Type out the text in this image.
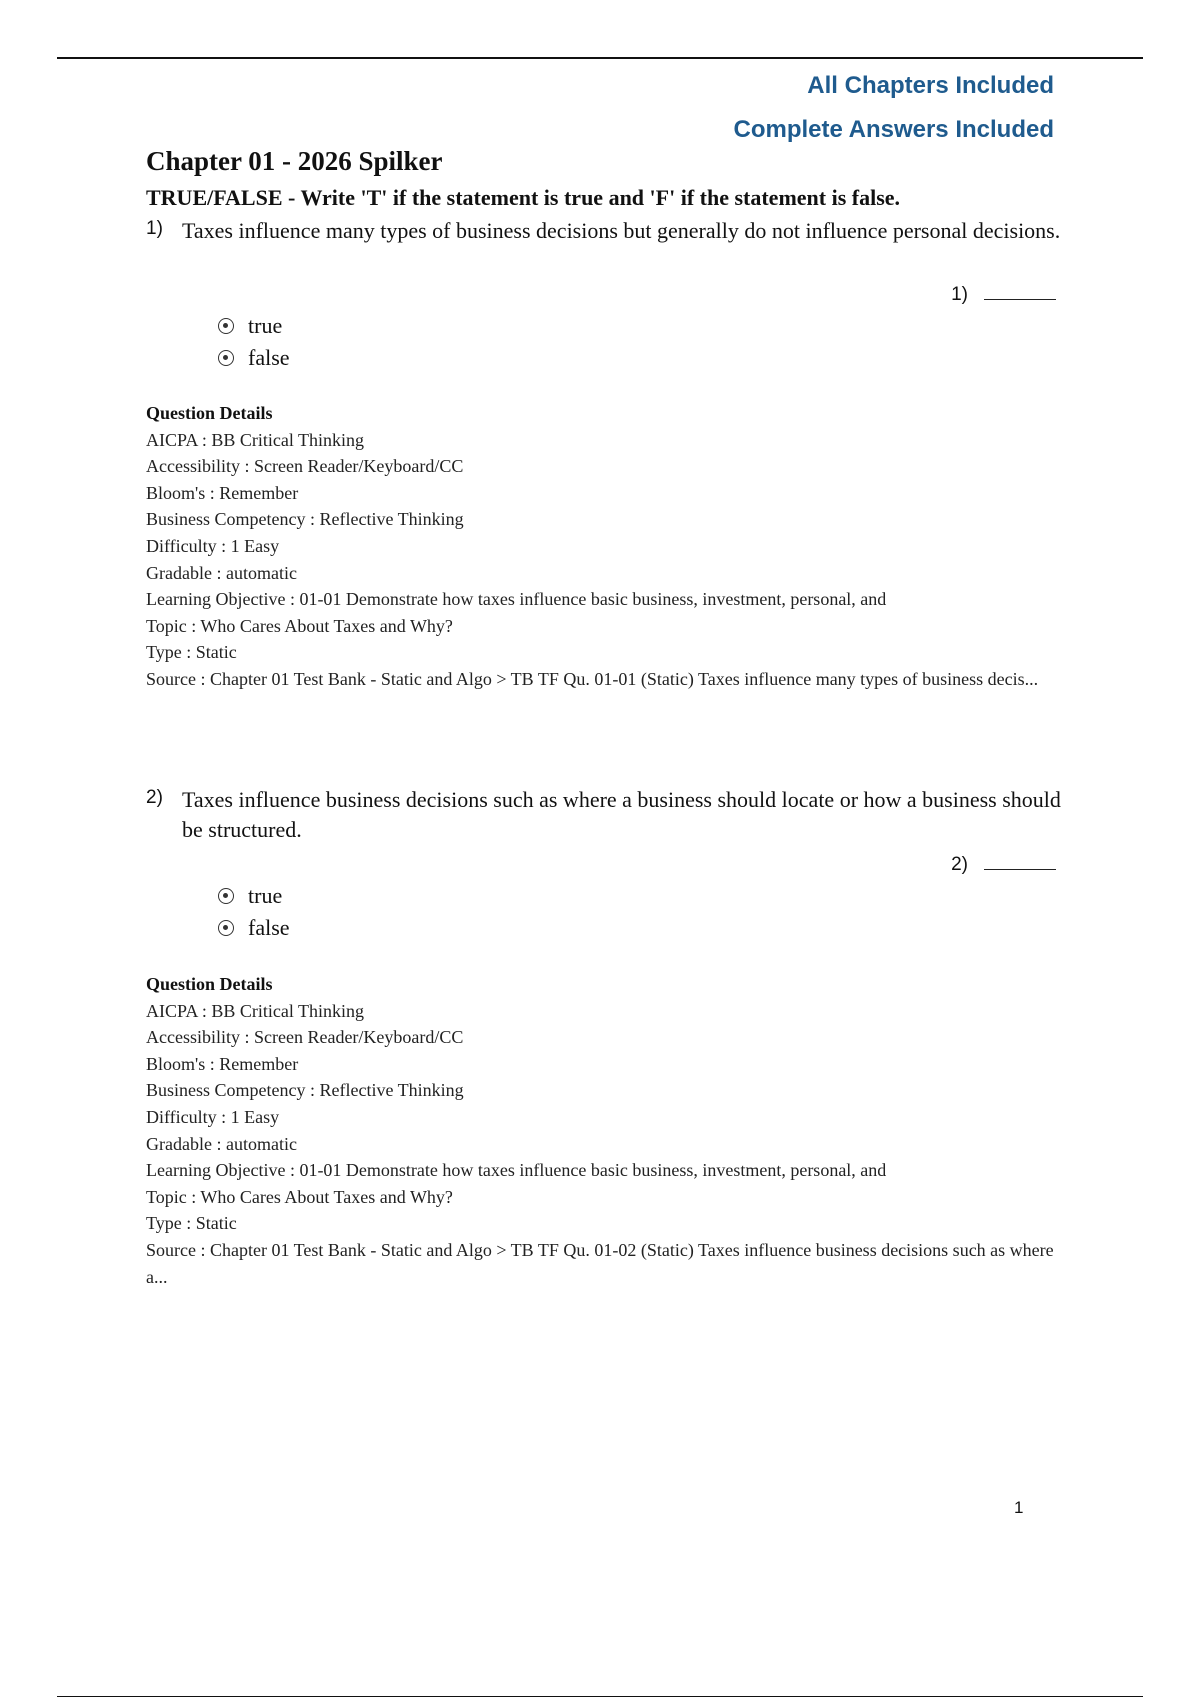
All Chapters Included
Complete Answers Included
Chapter 01 - 2026 Spilker
TRUE/FALSE - Write 'T' if the statement is true and 'F' if the statement is false.
1) Taxes influence many types of business decisions but generally do not influence personal decisions.
1)
true
false
Question Details
AICPA : BB Critical Thinking
Accessibility : Screen Reader/Keyboard/CC
Bloom's : Remember
Business Competency : Reflective Thinking
Difficulty : 1 Easy
Gradable : automatic
Learning Objective : 01-01 Demonstrate how taxes influence basic business, investment, personal, and
Topic : Who Cares About Taxes and Why?
Type : Static
Source : Chapter 01 Test Bank - Static and Algo > TB TF Qu. 01-01 (Static) Taxes influence many types of business decis...
2) Taxes influence business decisions such as where a business should locate or how a business should be structured.
2)
true
false
Question Details
AICPA : BB Critical Thinking
Accessibility : Screen Reader/Keyboard/CC
Bloom's : Remember
Business Competency : Reflective Thinking
Difficulty : 1 Easy
Gradable : automatic
Learning Objective : 01-01 Demonstrate how taxes influence basic business, investment, personal, and
Topic : Who Cares About Taxes and Why?
Type : Static
Source : Chapter 01 Test Bank - Static and Algo > TB TF Qu. 01-02 (Static) Taxes influence business decisions such as where a...
1
